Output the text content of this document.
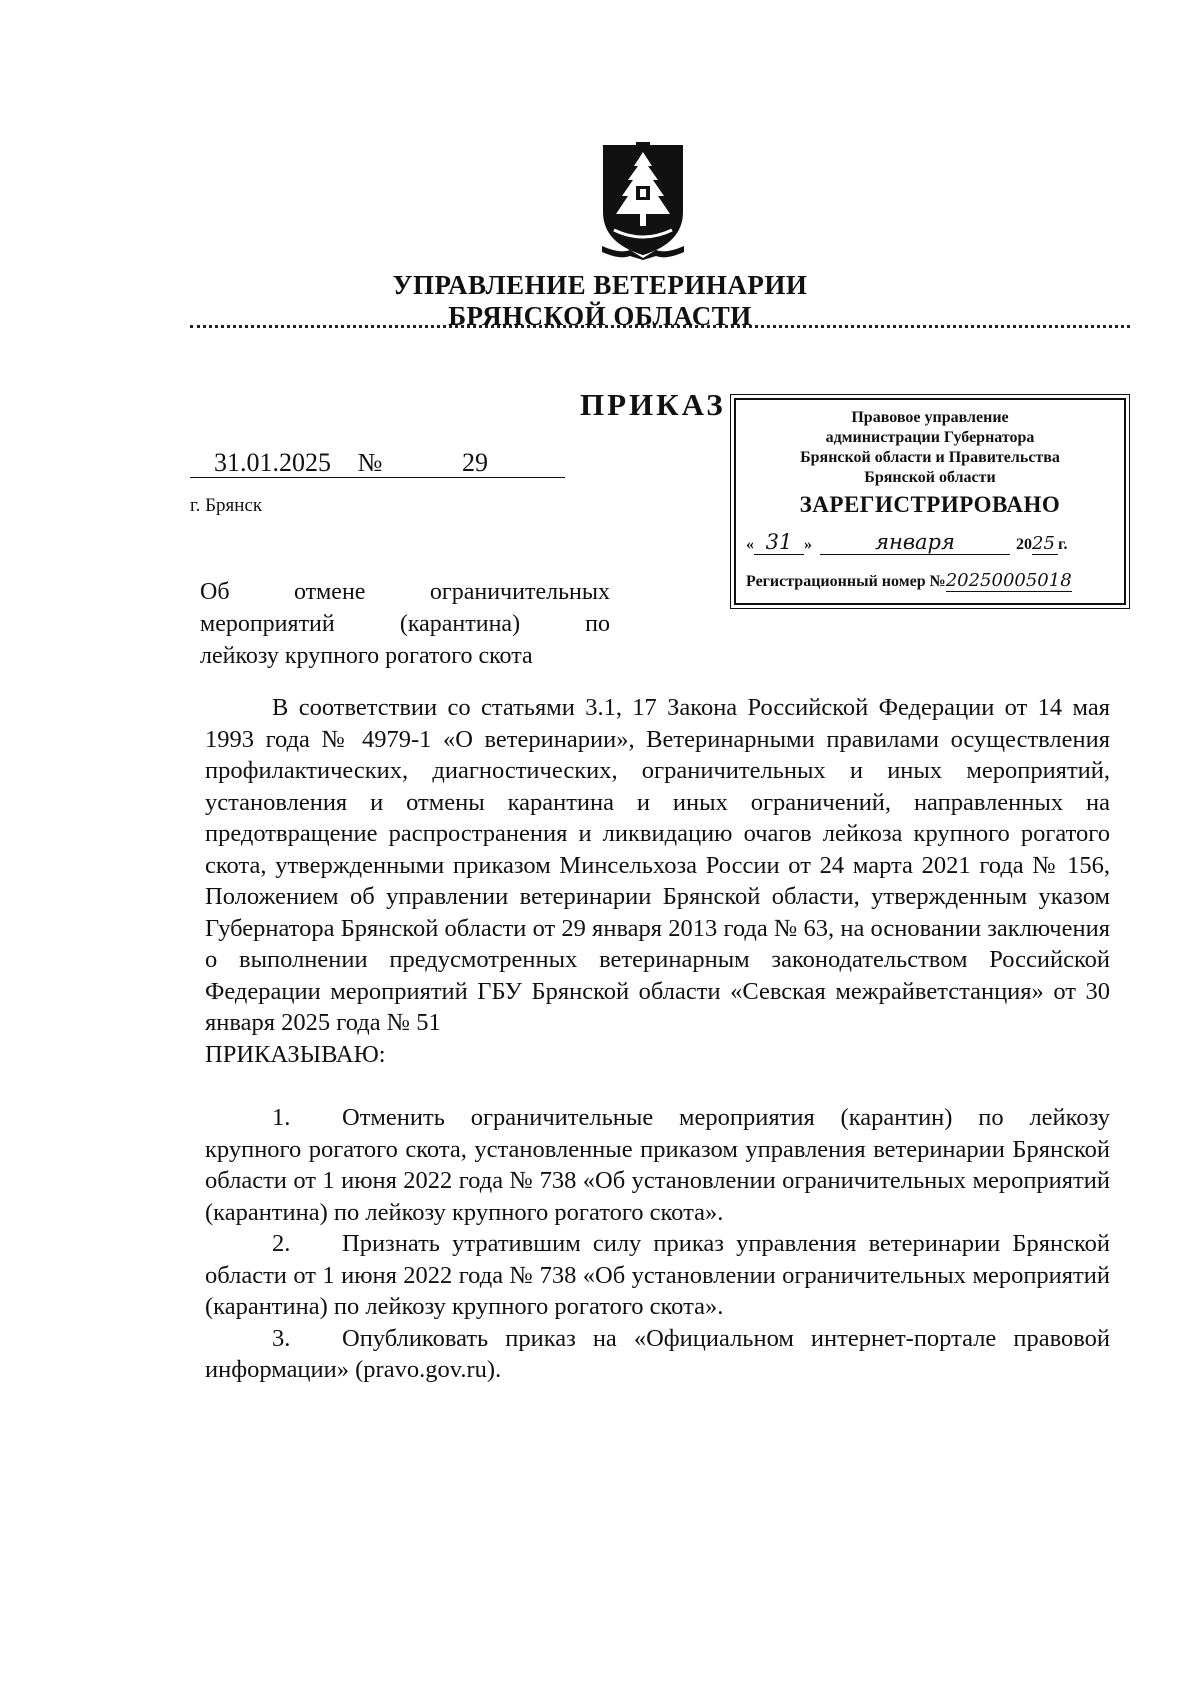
УПРАВЛЕНИЕ ВЕТЕРИНАРИИ
БРЯНСКОЙ ОБЛАСТИ
ПРИКАЗ
31.01.2025 №	29
г. Брянск
Об отмене ограничительных
мероприятий (карантина) по
лейкозу крупного рогатого скота
Правовое управление
администрации Губернатора
Брянской области и Правительства
Брянской области
ЗАРЕГИСТРИРОВАНО
« 31 »	января	2025 г.
Регистрационный номер №20250005018

В соответствии со статьями 3.1, 17 Закона Российской Федерации от 14 мая 1993 года № 4979-1 «О ветеринарии», Ветеринарными правилами осуществления профилактических, диагностических, ограничительных и иных мероприятий, установления и отмены карантина и иных ограничений, направленных на предотвращение распространения и ликвидацию очагов лейкоза крупного рогатого скота, утвержденными приказом Минсельхоза России от 24 марта 2021 года № 156, Положением об управлении ветеринарии Брянской области, утвержденным указом Губернатора Брянской области от 29 января 2013 года № 63, на основании заключения о выполнении предусмотренных ветеринарным законодательством Российской Федерации мероприятий ГБУ Брянской области «Севская межрайветстанция» от 30 января 2025 года № 51

ПРИКАЗЫВАЮ:

1. Отменить ограничительные мероприятия (карантин) по лейкозу крупного рогатого скота, установленные приказом управления ветеринарии Брянской области от 1 июня 2022 года № 738 «Об установлении ограничительных мероприятий (карантина) по лейкозу крупного рогатого скота».

2. Признать утратившим силу приказ управления ветеринарии Брянской области от 1 июня 2022 года № 738 «Об установлении ограничительных мероприятий (карантина) по лейкозу крупного рогатого скота».

3. Опубликовать приказ на «Официальном интернет-портале правовой информации» (pravo.gov.ru).
